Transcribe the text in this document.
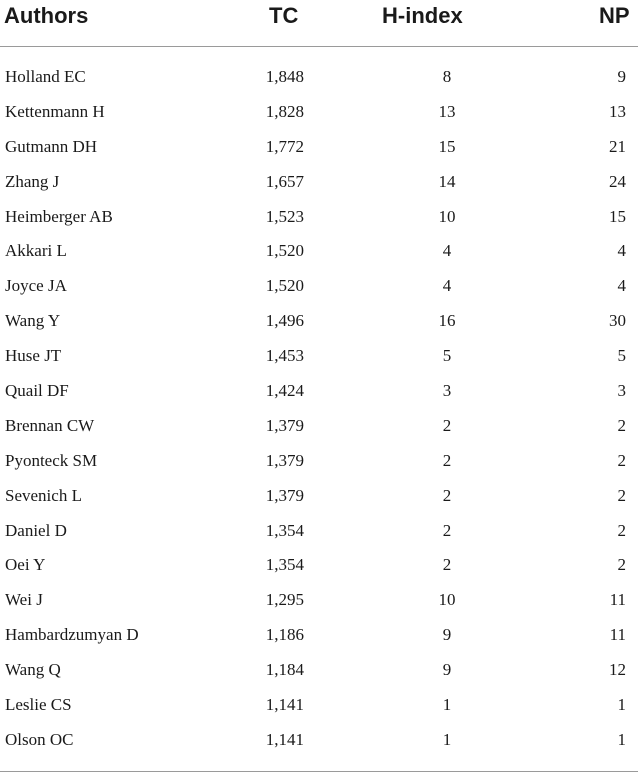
Authors	TC	H-index	NP
Holland EC	1,848	8	9
Kettenmann H	1,828	13	13
Gutmann DH	1,772	15	21
Zhang J	1,657	14	24
Heimberger AB	1,523	10	15
Akkari L	1,520	4	4
Joyce JA	1,520	4	4
Wang Y	1,496	16	30
Huse JT	1,453	5	5
Quail DF	1,424	3	3
Brennan CW	1,379	2	2
Pyonteck SM	1,379	2	2
Sevenich L	1,379	2	2
Daniel D	1,354	2	2
Oei Y	1,354	2	2
Wei J	1,295	10	11
Hambardzumyan D	1,186	9	11
Wang Q	1,184	9	12
Leslie CS	1,141	1	1
Olson OC	1,141	1	1
